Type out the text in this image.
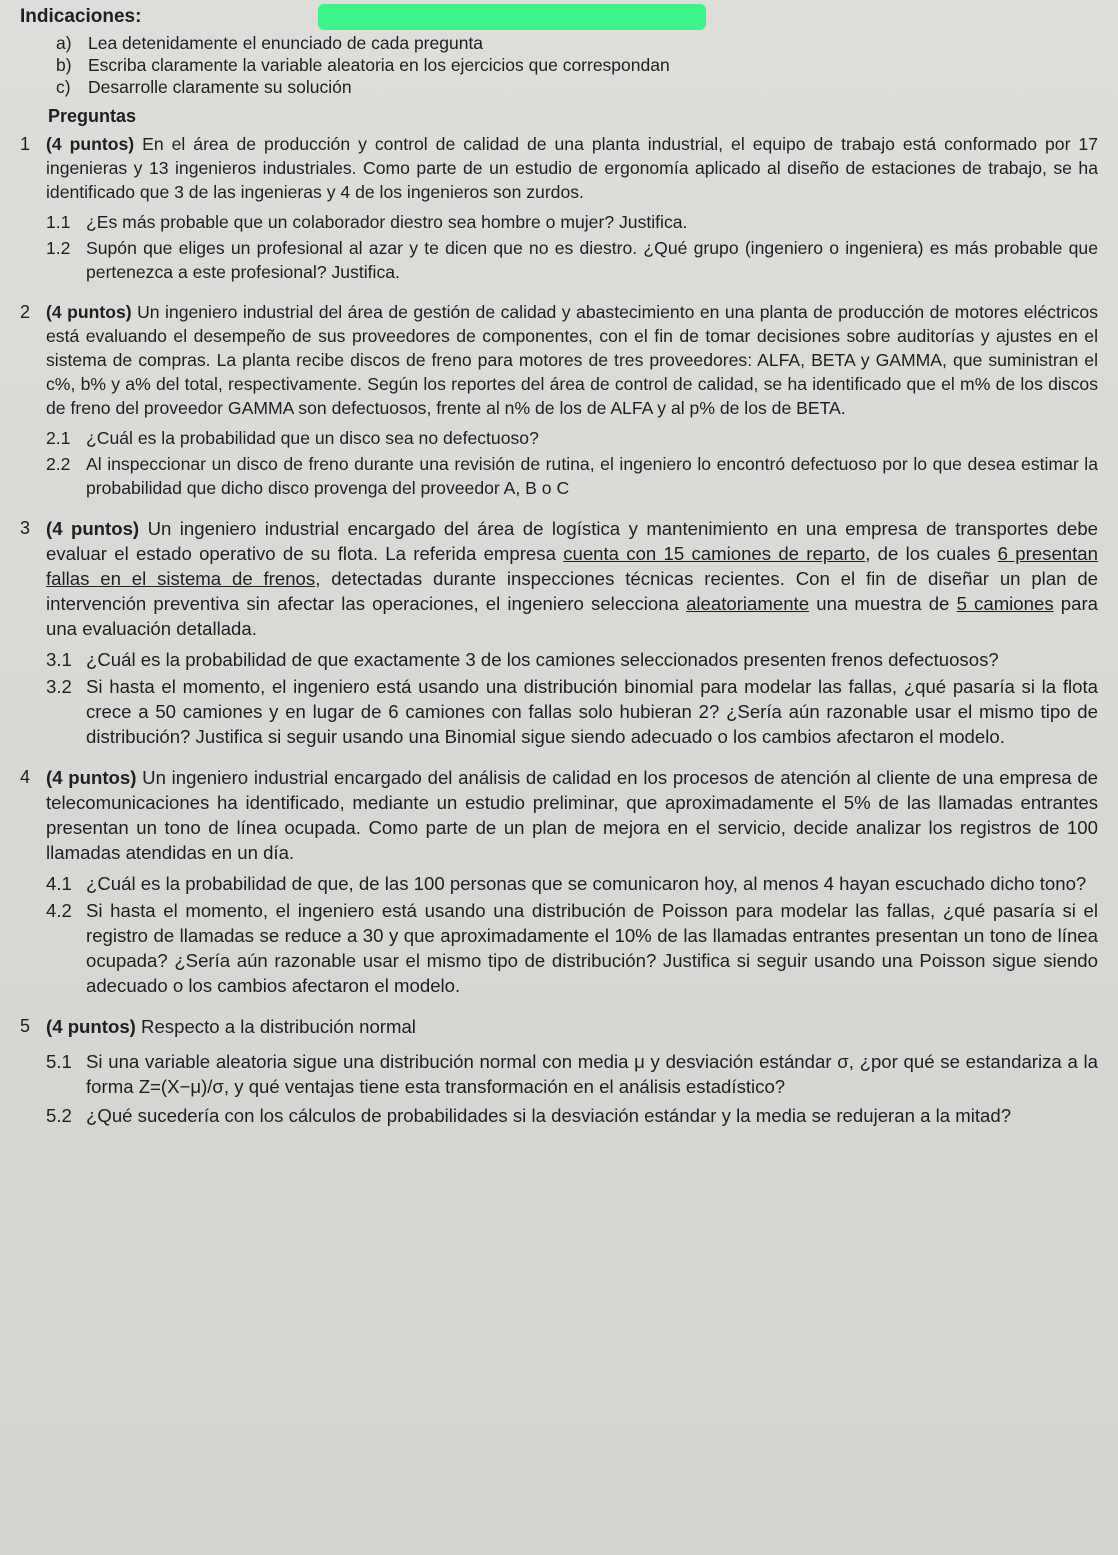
Indicaciones:
a) Lea detenidamente el enunciado de cada pregunta
b) Escriba claramente la variable aleatoria en los ejercicios que correspondan
c) Desarrolle claramente su solución
Preguntas
1 (4 puntos) En el área de producción y control de calidad de una planta industrial, el equipo de trabajo está conformado por 17 ingenieras y 13 ingenieros industriales. Como parte de un estudio de ergonomía aplicado al diseño de estaciones de trabajo, se ha identificado que 3 de las ingenieras y 4 de los ingenieros son zurdos.
1.1 ¿Es más probable que un colaborador diestro sea hombre o mujer? Justifica.
1.2 Supón que eliges un profesional al azar y te dicen que no es diestro. ¿Qué grupo (ingeniero o ingeniera) es más probable que pertenezca a este profesional? Justifica.
2 (4 puntos) Un ingeniero industrial del área de gestión de calidad y abastecimiento en una planta de producción de motores eléctricos está evaluando el desempeño de sus proveedores de componentes, con el fin de tomar decisiones sobre auditorías y ajustes en el sistema de compras. La planta recibe discos de freno para motores de tres proveedores: ALFA, BETA y GAMMA, que suministran el c%, b% y a% del total, respectivamente. Según los reportes del área de control de calidad, se ha identificado que el m% de los discos de freno del proveedor GAMMA son defectuosos, frente al n% de los de ALFA y al p% de los de BETA.
2.1 ¿Cuál es la probabilidad que un disco sea no defectuoso?
2.2 Al inspeccionar un disco de freno durante una revisión de rutina, el ingeniero lo encontró defectuoso por lo que desea estimar la probabilidad que dicho disco provenga del proveedor A, B o C
3 (4 puntos) Un ingeniero industrial encargado del área de logística y mantenimiento en una empresa de transportes debe evaluar el estado operativo de su flota. La referida empresa cuenta con 15 camiones de reparto, de los cuales 6 presentan fallas en el sistema de frenos, detectadas durante inspecciones técnicas recientes. Con el fin de diseñar un plan de intervención preventiva sin afectar las operaciones, el ingeniero selecciona aleatoriamente una muestra de 5 camiones para una evaluación detallada.
3.1 ¿Cuál es la probabilidad de que exactamente 3 de los camiones seleccionados presenten frenos defectuosos?
3.2 Si hasta el momento, el ingeniero está usando una distribución binomial para modelar las fallas, ¿qué pasaría si la flota crece a 50 camiones y en lugar de 6 camiones con fallas solo hubieran 2? ¿Sería aún razonable usar el mismo tipo de distribución? Justifica si seguir usando una Binomial sigue siendo adecuado o los cambios afectaron el modelo.
4 (4 puntos) Un ingeniero industrial encargado del análisis de calidad en los procesos de atención al cliente de una empresa de telecomunicaciones ha identificado, mediante un estudio preliminar, que aproximadamente el 5% de las llamadas entrantes presentan un tono de línea ocupada. Como parte de un plan de mejora en el servicio, decide analizar los registros de 100 llamadas atendidas en un día.
4.1 ¿Cuál es la probabilidad de que, de las 100 personas que se comunicaron hoy, al menos 4 hayan escuchado dicho tono?
4.2 Si hasta el momento, el ingeniero está usando una distribución de Poisson para modelar las fallas, ¿qué pasaría si el registro de llamadas se reduce a 30 y que aproximadamente el 10% de las llamadas entrantes presentan un tono de línea ocupada? ¿Sería aún razonable usar el mismo tipo de distribución? Justifica si seguir usando una Poisson sigue siendo adecuado o los cambios afectaron el modelo.
5 (4 puntos) Respecto a la distribución normal
5.1 Si una variable aleatoria sigue una distribución normal con media μ y desviación estándar σ, ¿por qué se estandariza a la forma Z=(X−μ)/σ, y qué ventajas tiene esta transformación en el análisis estadístico?
5.2 ¿Qué sucedería con los cálculos de probabilidades si la desviación estándar y la media se redujeran a la mitad?
